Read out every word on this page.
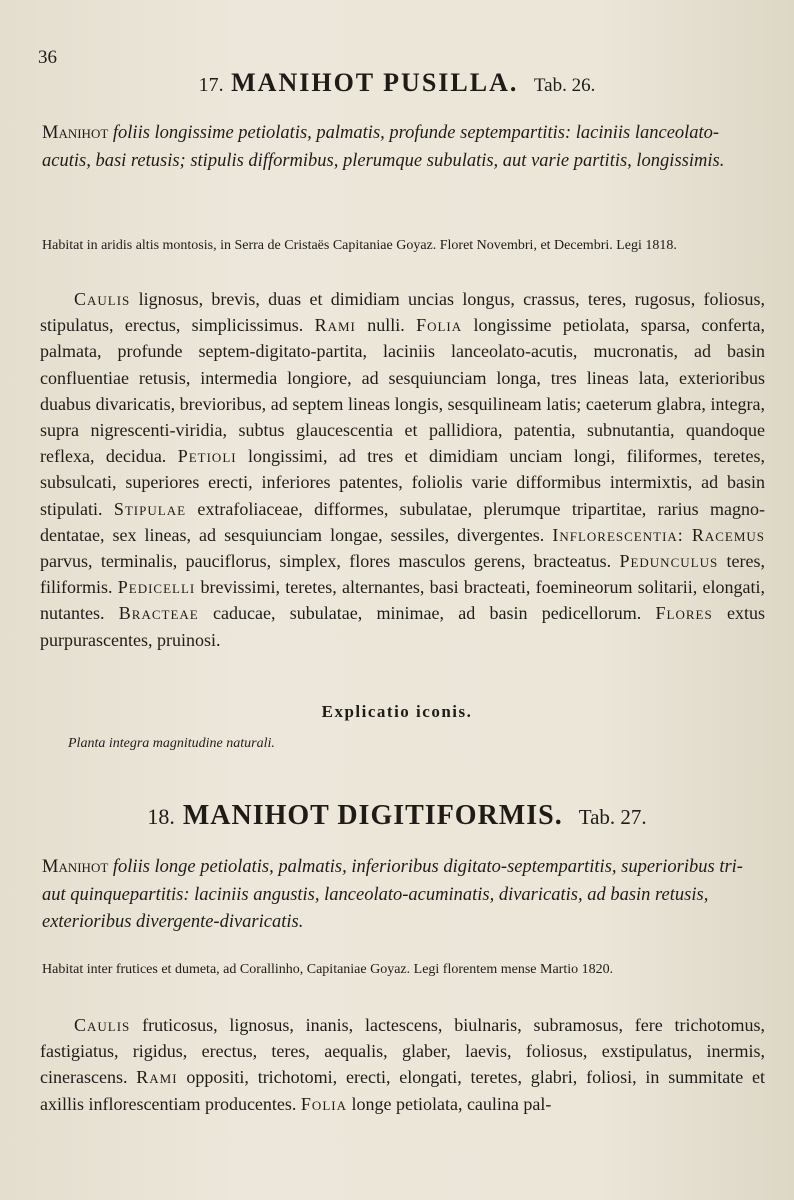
36
17. MANIHOT PUSILLA. Tab. 26.
Manihot foliis longissime petiolatis, palmatis, profunde septempartitis: laciniis lanceolato-acutis, basi retusis; stipulis difformibus, plerumque subulatis, aut varie partitis, longissimis.
Habitat in aridis altis montosis, in Serra de Cristaës Capitaniae Goyaz. Floret Novembri, et Decembri. Legi 1818.
Caulis lignosus, brevis, duas et dimidiam uncias longus, crassus, teres, rugosus, foliosus, stipulatus, erectus, simplicissimus. Rami nulli. Folia longissime petiolata, sparsa, conferta, palmata, profunde septem-digitato-partita, laciniis lanceolato-acutis, mucronatis, ad basin confluentiae retusis, intermedia longiore, ad sesquiunciam longa, tres lineas lata, exterioribus duabus divaricatis, brevioribus, ad septem lineas longis, sesquilineam latis; caeterum glabra, integra, supra nigrescenti-viridia, subtus glaucescentia et pallidiora, patentia, subnutantia, quandoque reflexa, decidua. Petioli longissimi, ad tres et dimidiam unciam longi, filiformes, teretes, subsulcati, superiores erecti, inferiores patentes, foliolis varie difformibus intermixtis, ad basin stipulati. Stipulae extrafoliaceae, difformes, subulatae, plerumque tripartitae, rarius magno-dentatae, sex lineas, ad sesquiunciam longae, sessiles, divergentes. Inflorescentia: Racemus parvus, terminalis, pauciflorus, simplex, flores masculos gerens, bracteatus. Pedunculus teres, filiformis. Pedicelli brevissimi, teretes, alternantes, basi bracteati, foemineorum solitarii, elongati, nutantes. Bracteae caducae, subulatae, minimae, ad basin pedicellorum. Flores extus purpurascentes, pruinosi.
Explicatio iconis.
Planta integra magnitudine naturali.
18. MANIHOT DIGITIFORMIS. Tab. 27.
Manihot foliis longe petiolatis, palmatis, inferioribus digitato-septempartitis, superioribus tri- aut quinquepartitis: laciniis angustis, lanceolato-acuminatis, divaricatis, ad basin retusis, exterioribus divergente-divaricatis.
Habitat inter frutices et dumeta, ad Corallinho, Capitaniae Goyaz. Legi florentem mense Martio 1820.
Caulis fruticosus, lignosus, inanis, lactescens, biulnaris, subramosus, fere trichotomus, fastigiatus, rigidus, erectus, teres, aequalis, glaber, laevis, foliosus, exstipulatus, inermis, cinerascens. Rami oppositi, trichotomi, erecti, elongati, teretes, glabri, foliosi, in summitate et axillis inflorescentiam producentes. Folia longe petiolata, caulina pal-
